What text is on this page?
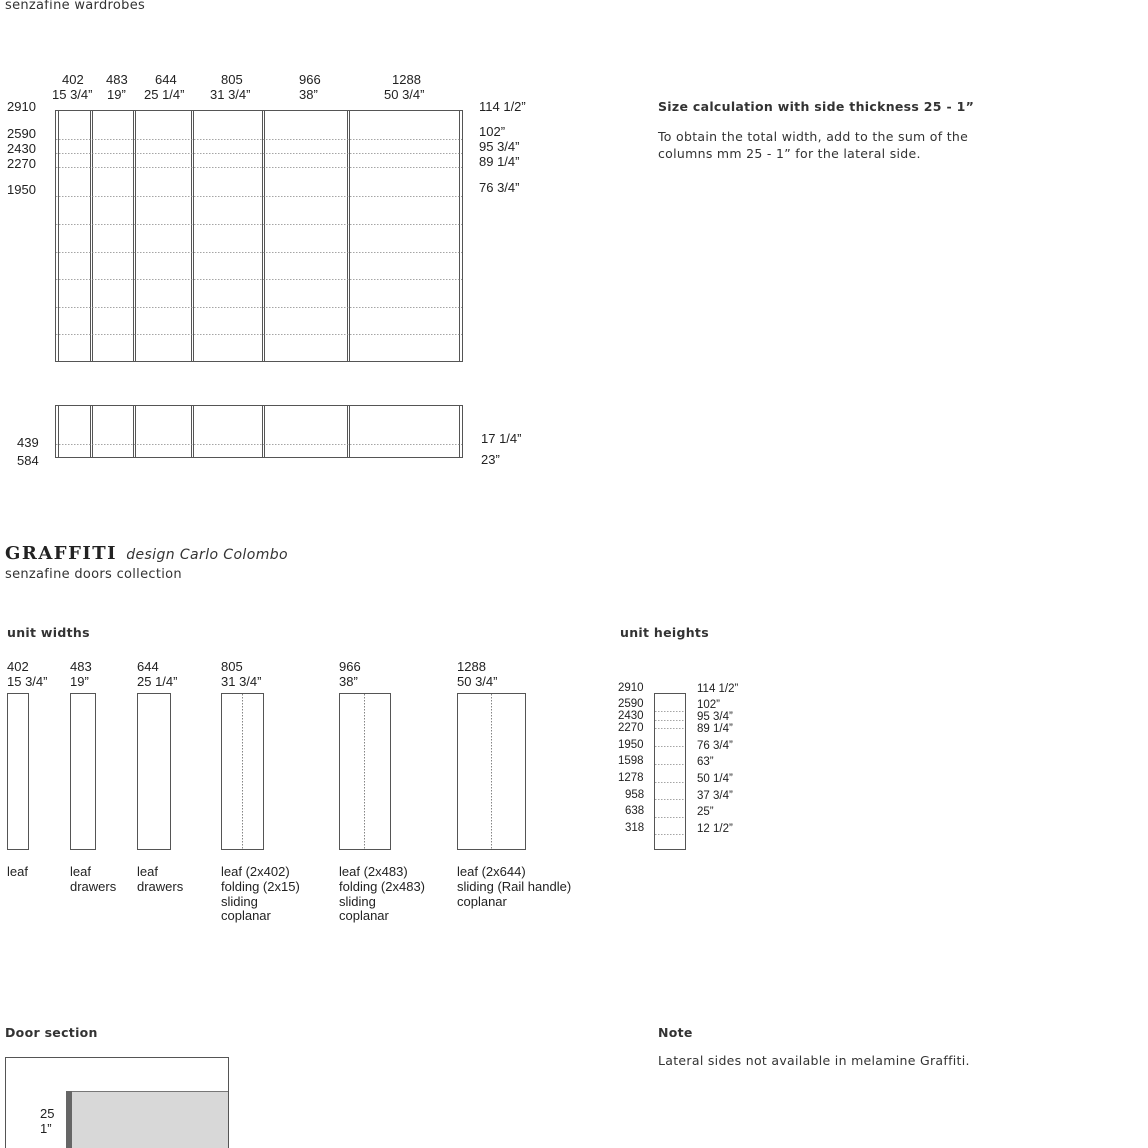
senzafine wardrobes
402
15 3/4”
483
19”
644
25 1/4”
805
31 3/4”
966
38”
1288
50 3/4”
2910
2590
2430
2270
1950
114 1/2”
102”
95 3/4”
89 1/4”
76 3/4”
439
584
17 1/4”
23”
Size calculation with side thickness 25 - 1”
To obtain the total width, add to the sum of the
columns mm 25 - 1” for the lateral side.
GRAFFITI design Carlo Colombo
senzafine doors collection
unit widths
402
15 3/4”
483
19”
644
25 1/4”
805
31 3/4”
966
38”
1288
50 3/4”
leaf	leaf
drawers
leaf
drawers
leaf (2x402)
folding (2x15)
sliding
coplanar
leaf (2x483)
folding (2x483)
sliding
coplanar
leaf (2x644)
sliding (Rail handle)
coplanar
unit heights
2910
2590
2430
2270
1950
1598
1278
958
638
318
114 1/2”
102”
95 3/4”
89 1/4”
76 3/4”
63”
50 1/4”
37 3/4”
25”
12 1/2”
Door section
25
1”
Note
Lateral sides not available in melamine Graffiti.
